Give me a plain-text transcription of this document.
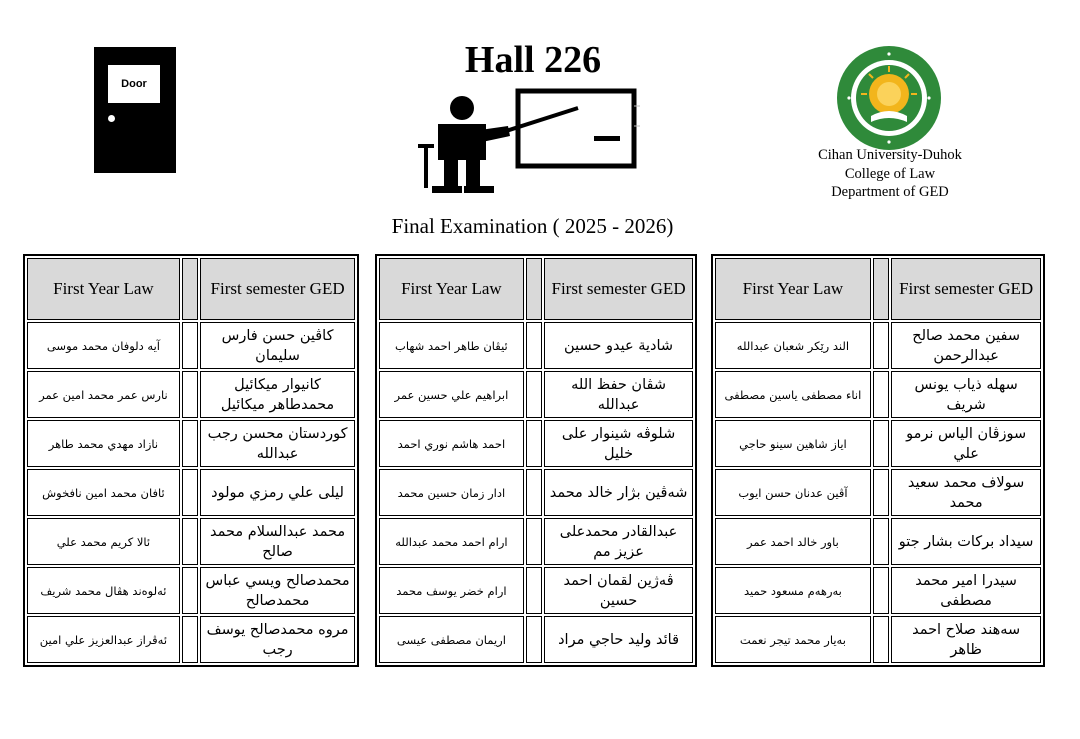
Door
Hall 226
Cihan University-Duhok
College of Law
Department of GED
Final Examination ( 2025 - 2026)
First Year Law		First semester GED
آيه دلوفان محمد موسى		كاڤين حسن فارس سليمان
نارس عمر محمد امين عمر		كانيوار ميكائيل محمدطاهر ميكائيل
نازاد مهدي محمد طاهر		كوردستان محسن رجب عبدالله
ئافان محمد امين نافخوش		ليلى علي رمزي مولود
ئالا كريم محمد علي		محمد عبدالسلام محمد صالح
ئەلوەند هڤال محمد شريف		محمدصالح ويسي عباس محمدصالح
ئەڤراز عبدالعزيز علي امين		مروه محمدصالح يوسف رجب
First Year Law		First semester GED
ئيڤان طاهر احمد شهاب		شادية عيدو حسين
ابراهيم علي حسين عمر		شڤان حفظ الله عبدالله
احمد هاشم نوري احمد		شلوڤه شينوار على خليل
ادار زمان حسين محمد		شەڤين بژار خالد محمد
ارام احمد محمد عبدالله		عبدالقادر محمدعلى عزيز مم
ارام خضر يوسف محمد		ڤەژين لقمان احمد حسين
اريمان مصطفى عيسى		قائد وليد حاجي مراد
First Year Law		First semester GED
الند رێكر شعبان عبدالله		سفين محمد صالح عبدالرحمن
اناء مصطفى ياسين مصطفى		سهله ذياب يونس شريف
اياز شاهين سينو حاجي		سوزڤان الياس نرمو علي
آڤين عدنان حسن ايوب		سولاف محمد سعيد محمد
باور خالد احمد عمر		سيداد بركات بشار جتو
بەرهەم مسعود حميد		سيدرا امير محمد مصطفى
بەيار محمد تيجر نعمت		سەهند صلاح احمد ظاهر
